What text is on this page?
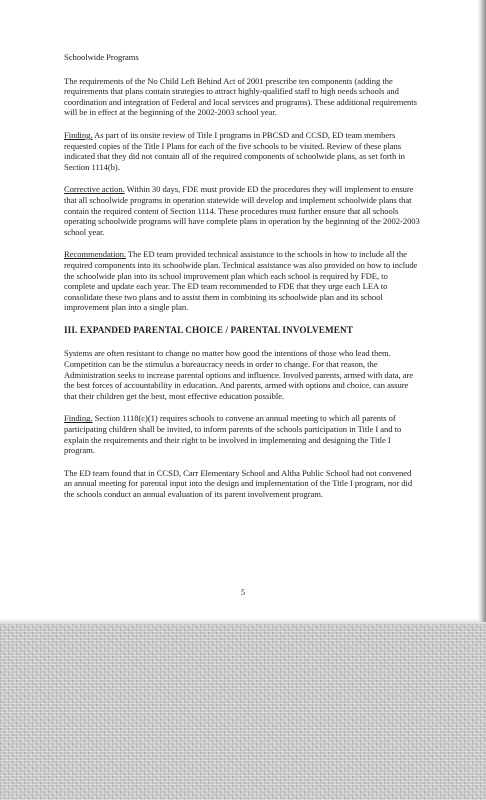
Schoolwide Programs

The requirements of the No Child Left Behind Act of 2001 prescribe ten components (adding the requirements that plans contain strategies to attract highly-qualified staff to high needs schools and coordination and integration of Federal and local services and programs). These additional requirements will be in effect at the beginning of the 2002-2003 school year.

Finding. As part of its onsite review of Title I programs in PBCSD and CCSD, ED team members requested copies of the Title I Plans for each of the five schools to be visited. Review of these plans indicated that they did not contain all of the required components of schoolwide plans, as set forth in Section 1114(b).

Corrective action. Within 30 days, FDE must provide ED the procedures they will implement to ensure that all schoolwide programs in operation statewide will develop and implement schoolwide plans that contain the required content of Section 1114. These procedures must further ensure that all schools operating schoolwide programs will have complete plans in operation by the beginning of the 2002-2003 school year.

Recommendation. The ED team provided technical assistance to the schools in how to include all the required components into its schoolwide plan. Technical assistance was also provided on how to include the schoolwide plan into its school improvement plan which each school is required by FDE, to complete and update each year. The ED team recommended to FDE that they urge each LEA to consolidate these two plans and to assist them in combining its schoolwide plan and its school improvement plan into a single plan.

III. EXPANDED PARENTAL CHOICE / PARENTAL INVOLVEMENT

Systems are often resistant to change no matter how good the intentions of those who lead them. Competition can be the stimulus a bureaucracy needs in order to change. For that reason, the Administration seeks to increase parental options and influence. Involved parents, armed with data, are the best forces of accountability in education. And parents, armed with options and choice, can assure that their children get the best, most effective education possible.

Finding. Section 1118(c)(1) requires schools to convene an annual meeting to which all parents of participating children shall be invited, to inform parents of the schools participation in Title I and to explain the requirements and their right to be involved in implementing and designing the Title I program.

The ED team found that in CCSD, Carr Elementary School and Altha Public School had not convened an annual meeting for parental input into the design and implementation of the Title I program, nor did the schools conduct an annual evaluation of its parent involvement program.

5
